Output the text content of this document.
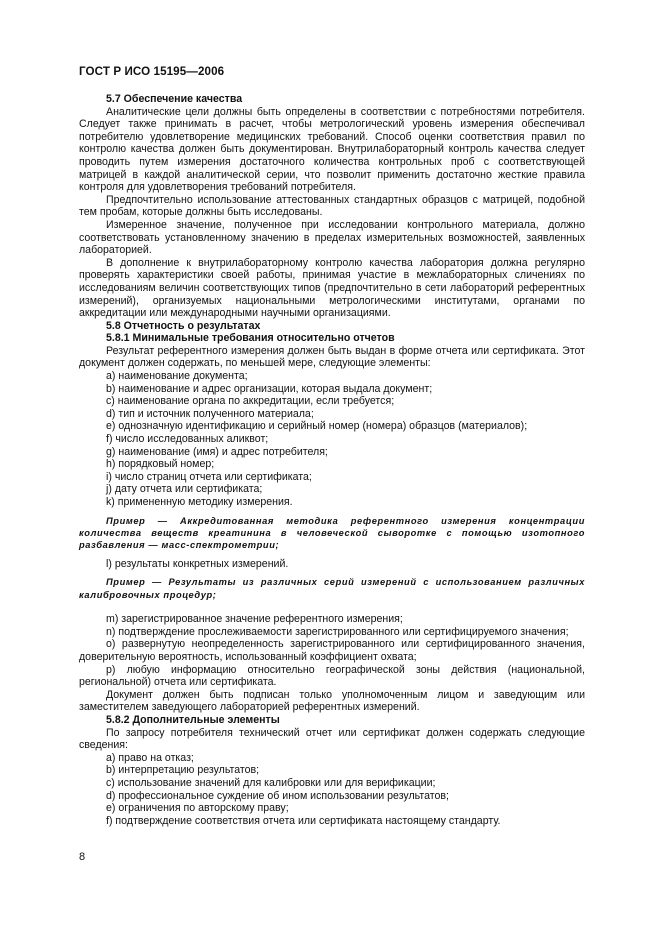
ГОСТ Р ИСО 15195—2006

5.7 Обеспечение качества

Аналитические цели должны быть определены в соответствии с потребностями потребителя. Следует также принимать в расчет, чтобы метрологический уровень измерения обеспечивал потребителю удовлетворение медицинских требований. Способ оценки соответствия правил по контролю качества должен быть документирован. Внутрилабораторный контроль качества следует проводить путем измерения достаточного количества контрольных проб с соответствующей матрицей в каждой аналитической серии, что позволит применить достаточно жесткие правила контроля для удовлетворения требований потребителя.

Предпочтительно использование аттестованных стандартных образцов с матрицей, подобной тем пробам, которые должны быть исследованы.

Измеренное значение, полученное при исследовании контрольного материала, должно соответствовать установленному значению в пределах измерительных возможностей, заявленных лабораторией.

В дополнение к внутрилабораторному контролю качества лаборатория должна регулярно проверять характеристики своей работы, принимая участие в межлабораторных сличениях по исследованиям величин соответствующих типов (предпочтительно в сети лабораторий референтных измерений), организуемых национальными метрологическими институтами, органами по аккредитации или международными научными организациями.

5.8 Отчетность о результатах

5.8.1 Минимальные требования относительно отчетов

Результат референтного измерения должен быть выдан в форме отчета или сертификата. Этот документ должен содержать, по меньшей мере, следующие элементы:

a) наименование документа;

b) наименование и адрес организации, которая выдала документ;

c) наименование органа по аккредитации, если требуется;

d) тип и источник полученного материала;

e) однозначную идентификацию и серийный номер (номера) образцов (материалов);

f) число исследованных аликвот;

g) наименование (имя) и адрес потребителя;

h) порядковый номер;

i) число страниц отчета или сертификата;

j) дату отчета или сертификата;

k) примененную методику измерения.

Пример — Аккредитованная методика референтного измерения концентрации количества веществ креатинина в человеческой сыворотке с помощью изотопного разбавления — масс-спектрометрии;

l) результаты конкретных измерений.

Пример — Результаты из различных серий измерений с использованием различных калибровочных процедур;

m) зарегистрированное значение референтного измерения;

n) подтверждение прослеживаемости зарегистрированного или сертифицируемого значения;

o) развернутую неопределенность зарегистрированного или сертифицированного значения, доверительную вероятность, использованный коэффициент охвата;

p) любую информацию относительно географической зоны действия (национальной, региональной) отчета или сертификата.

Документ должен быть подписан только уполномоченным лицом и заведующим или заместителем заведующего лабораторией референтных измерений.

5.8.2 Дополнительные элементы

По запросу потребителя технический отчет или сертификат должен содержать следующие сведения:

a) право на отказ;

b) интерпретацию результатов;

c) использование значений для калибровки или для верификации;

d) профессиональное суждение об ином использовании результатов;

e) ограничения по авторскому праву;

f) подтверждение соответствия отчета или сертификата настоящему стандарту.

8
